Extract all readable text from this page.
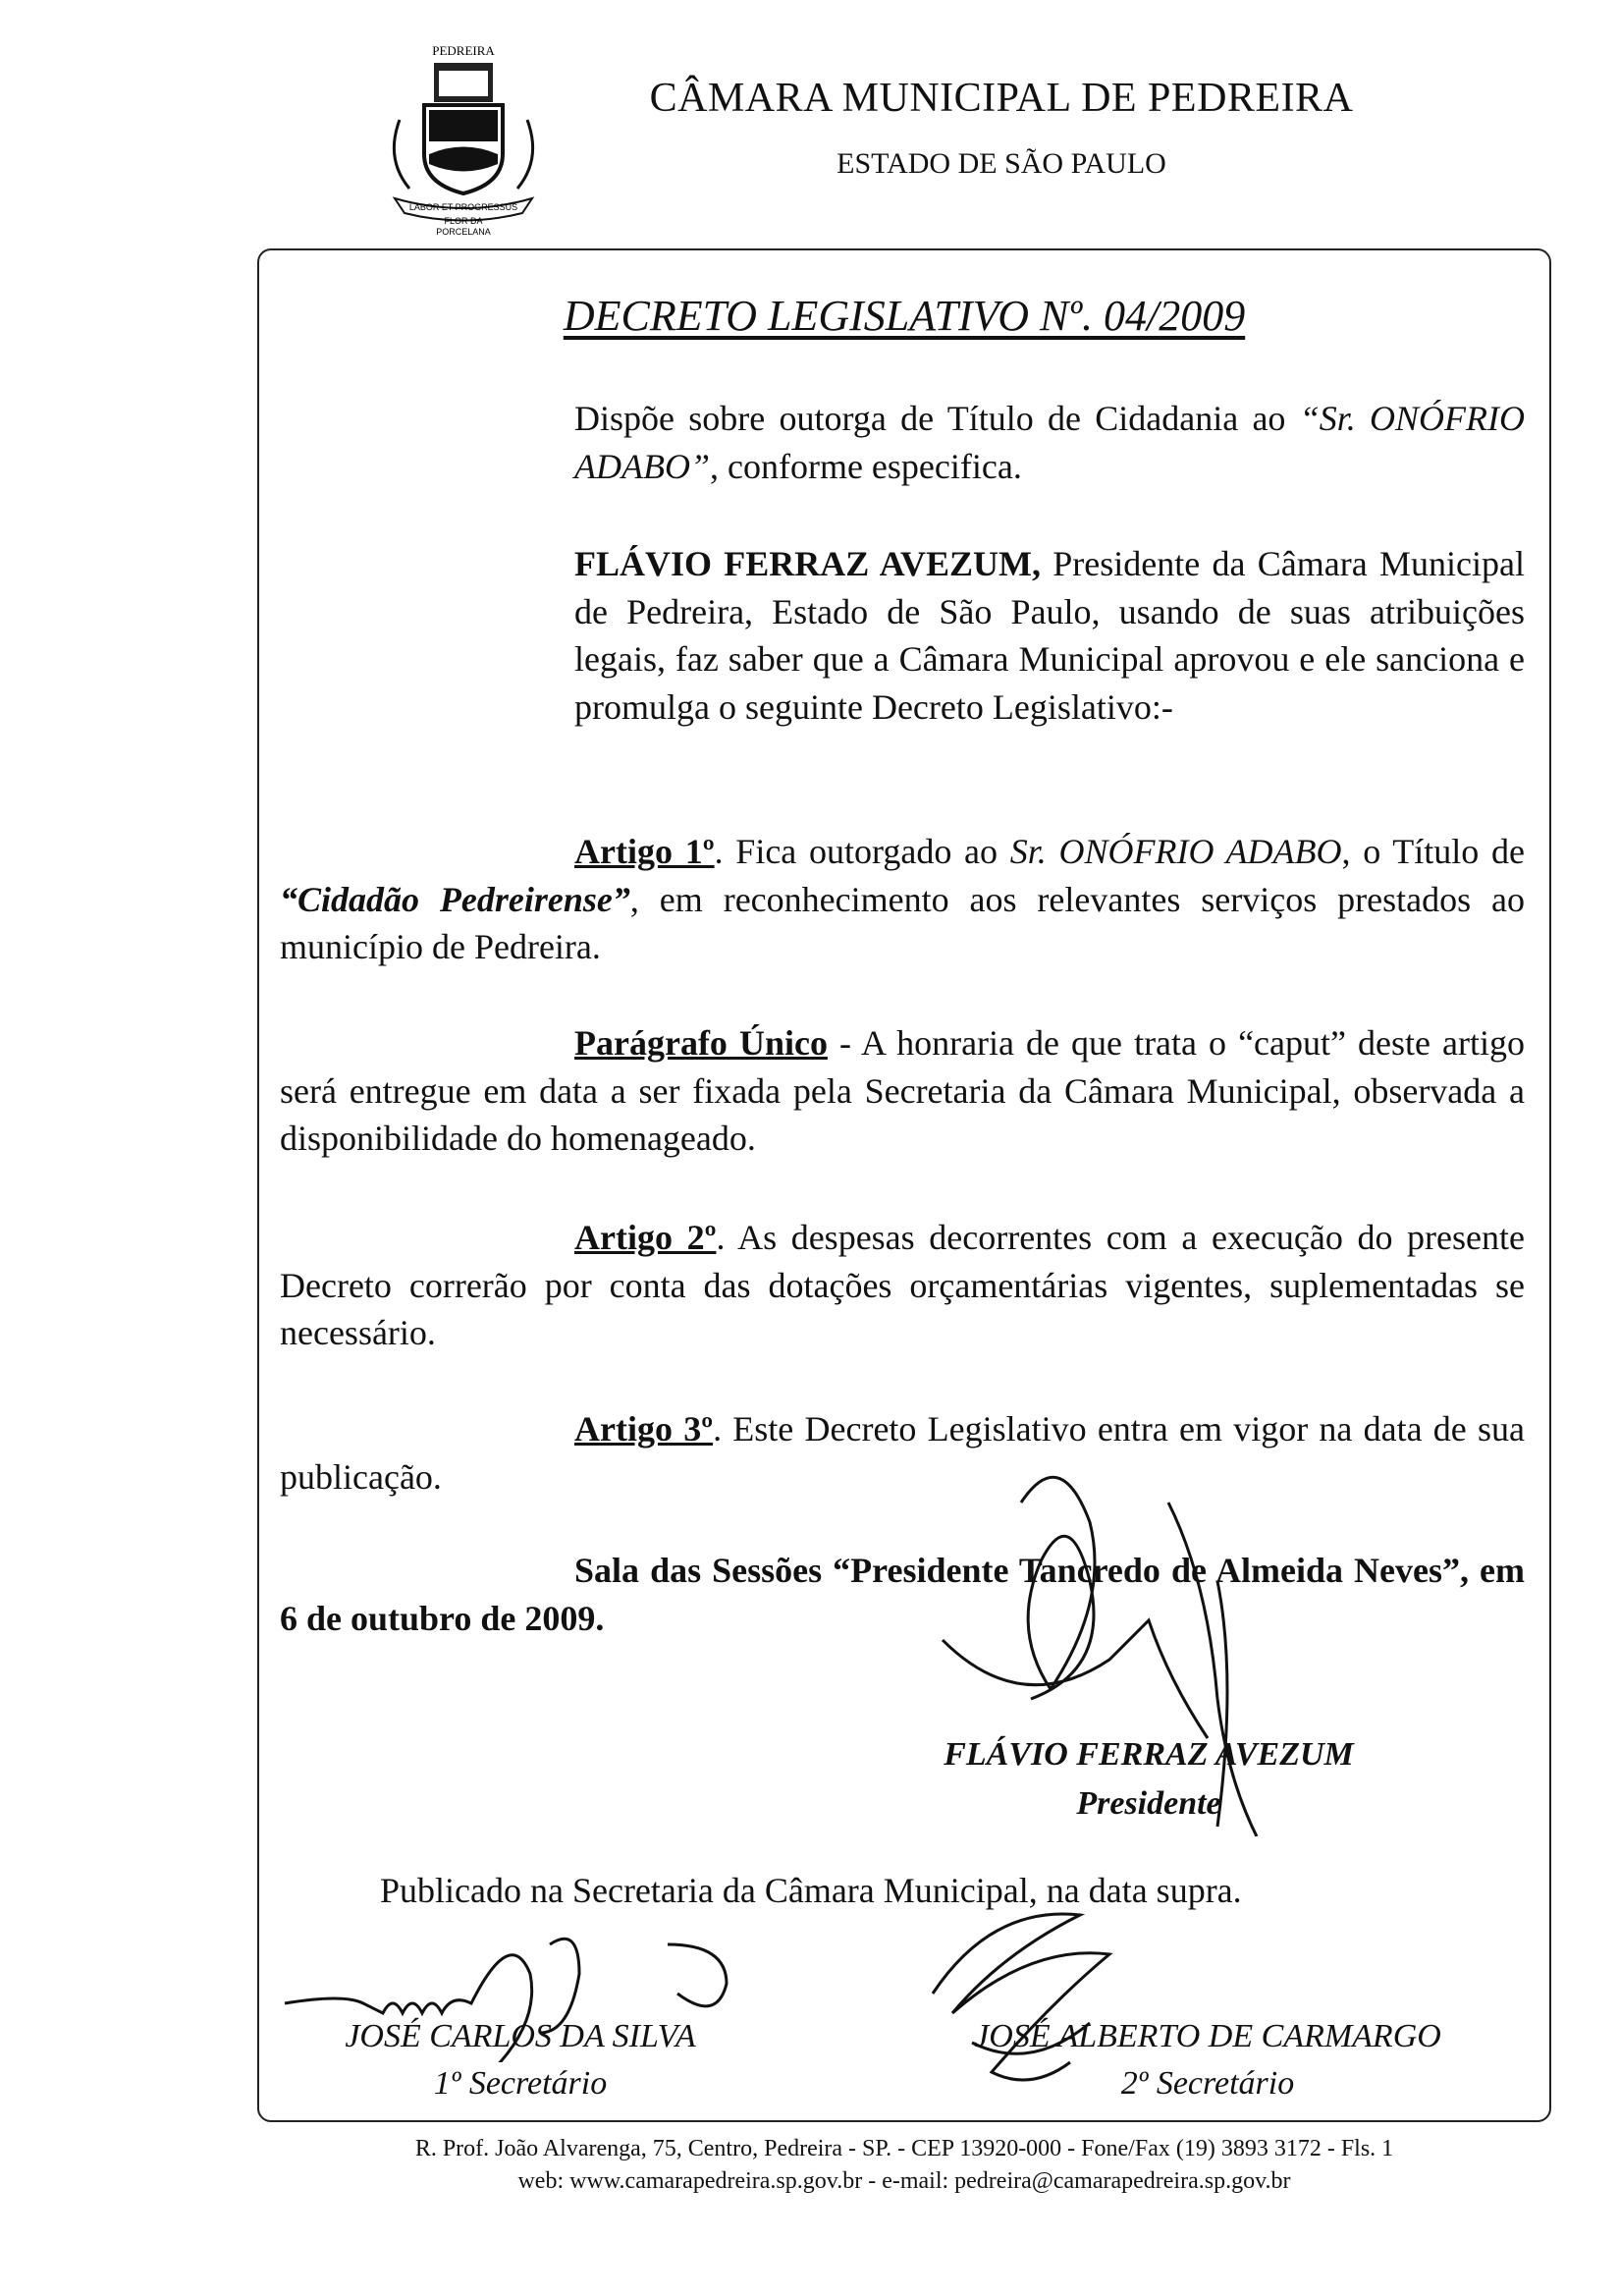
PEDREIRA
LABOR ET PROGRESSUS
FLOR DA
PORCELANA
CÂMARA MUNICIPAL DE PEDREIRA
ESTADO DE SÃO PAULO
DECRETO LEGISLATIVO Nº. 04/2009
Dispõe sobre outorga de Título de Cidadania ao “Sr. ONÓFRIO ADABO”, conforme especifica.
FLÁVIO FERRAZ AVEZUM, Presidente da Câmara Municipal de Pedreira, Estado de São Paulo, usando de suas atribuições legais, faz saber que a Câmara Municipal aprovou e ele sanciona e promulga o seguinte Decreto Legislativo:-
Artigo 1º. Fica outorgado ao Sr. ONÓFRIO ADABO, o Título de “Cidadão Pedreirense”, em reconhecimento aos relevantes serviços prestados ao município de Pedreira.
Parágrafo Único - A honraria de que trata o “caput” deste artigo será entregue em data a ser fixada pela Secretaria da Câmara Municipal, observada a disponibilidade do homenageado.
Artigo 2º. As despesas decorrentes com a execução do presente Decreto correrão por conta das dotações orçamentárias vigentes, suplementadas se necessário.
Artigo 3º. Este Decreto Legislativo entra em vigor na data de sua publicação.
Sala das Sessões “Presidente Tancredo de Almeida Neves”, em 6 de outubro de 2009.
FLÁVIO FERRAZ AVEZUM
Presidente
Publicado na Secretaria da Câmara Municipal, na data supra.
JOSÉ CARLOS DA SILVA
1º Secretário
JOSÉ ALBERTO DE CARMARGO
2º Secretário
R. Prof. João Alvarenga, 75, Centro, Pedreira - SP. - CEP 13920-000 - Fone/Fax (19) 3893 3172 - Fls. 1
web: www.camarapedreira.sp.gov.br - e-mail: pedreira@camarapedreira.sp.gov.br
